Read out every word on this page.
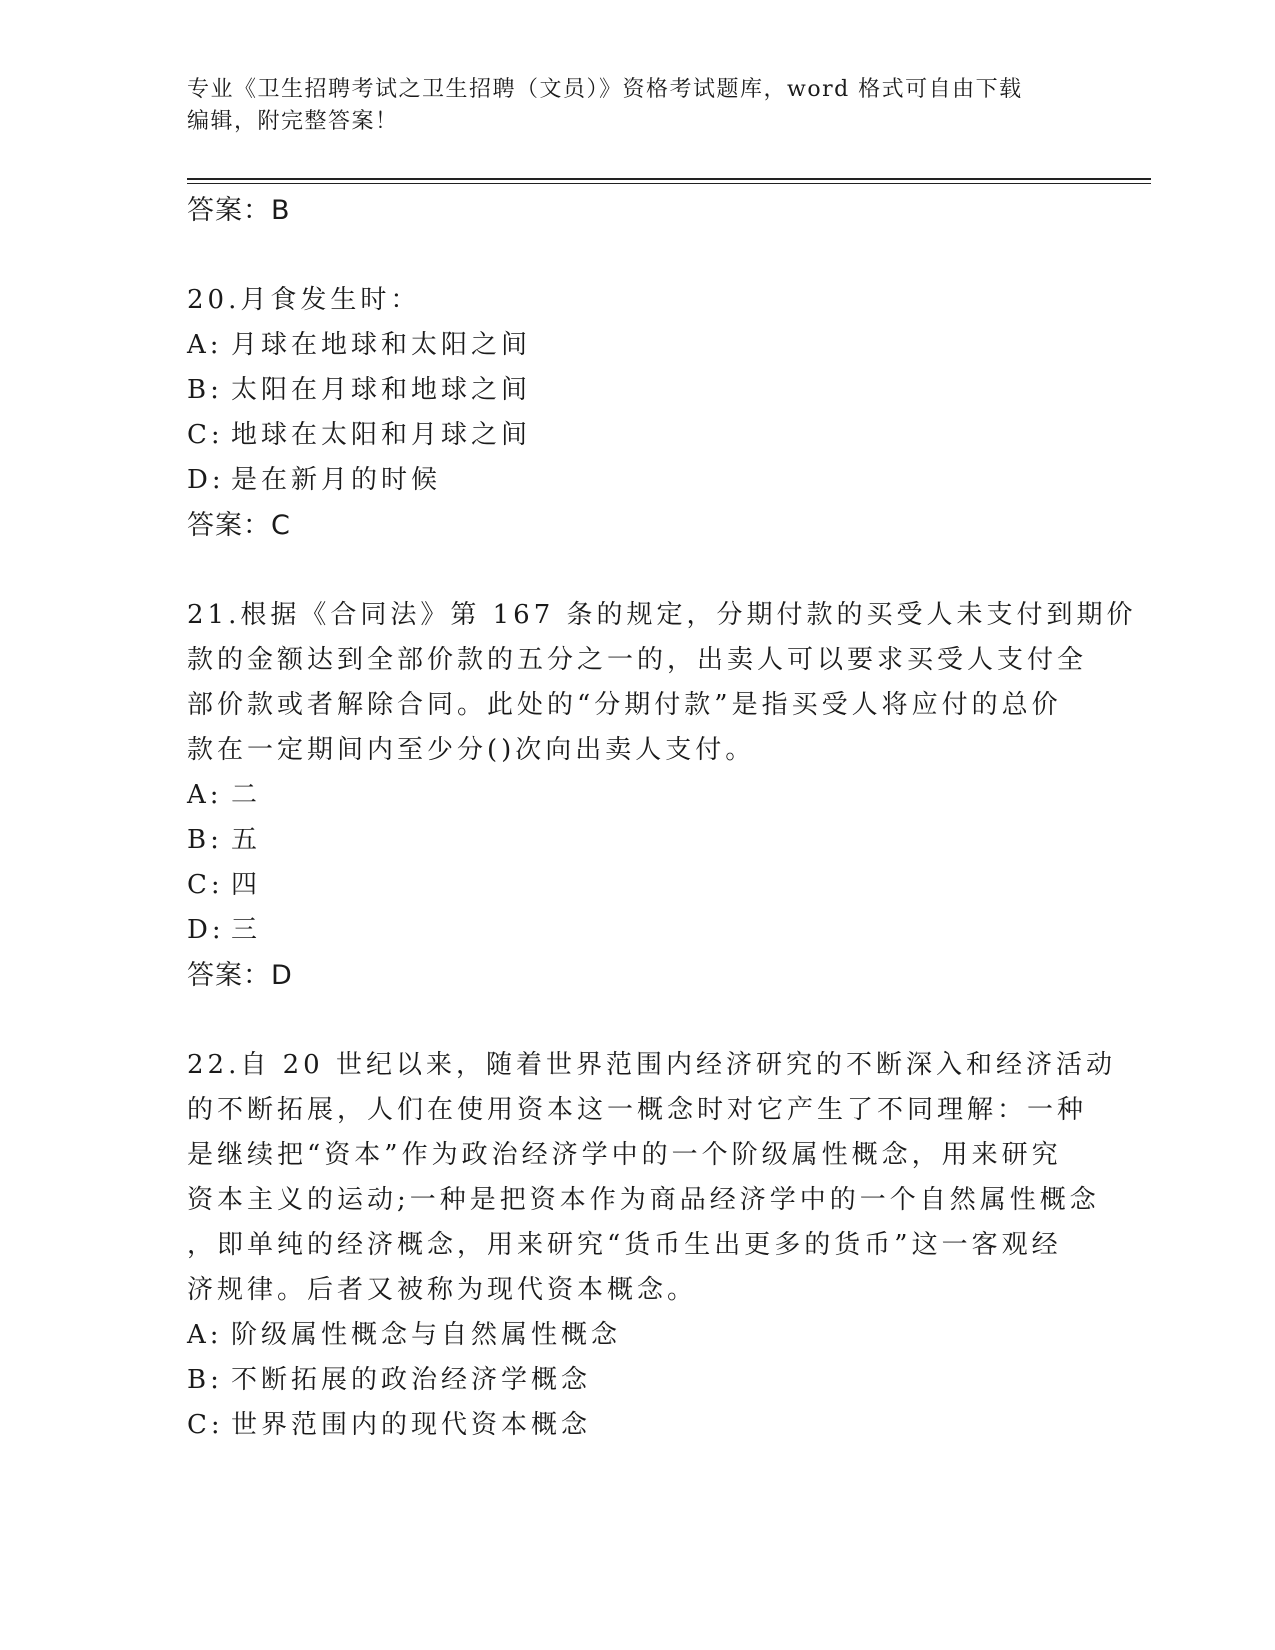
专业《卫生招聘考试之卫生招聘（文员）》资格考试题库，word 格式可自由下载
编辑，附完整答案！
答案：B
20.月食发生时：
A: 月球在地球和太阳之间
B: 太阳在月球和地球之间
C: 地球在太阳和月球之间
D: 是在新月的时候
答案：C
21.根据《合同法》第 167 条的规定，分期付款的买受人未支付到期价
款的金额达到全部价款的五分之一的，出卖人可以要求买受人支付全
部价款或者解除合同。此处的“分期付款”是指买受人将应付的总价
款在一定期间内至少分()次向出卖人支付。
A: 二
B: 五
C: 四
D: 三
答案：D
22.自 20 世纪以来，随着世界范围内经济研究的不断深入和经济活动
的不断拓展，人们在使用资本这一概念时对它产生了不同理解：一种
是继续把“资本”作为政治经济学中的一个阶级属性概念，用来研究
资本主义的运动;一种是把资本作为商品经济学中的一个自然属性概念
，即单纯的经济概念，用来研究“货币生出更多的货币”这一客观经
济规律。后者又被称为现代资本概念。
A: 阶级属性概念与自然属性概念
B: 不断拓展的政治经济学概念
C: 世界范围内的现代资本概念
